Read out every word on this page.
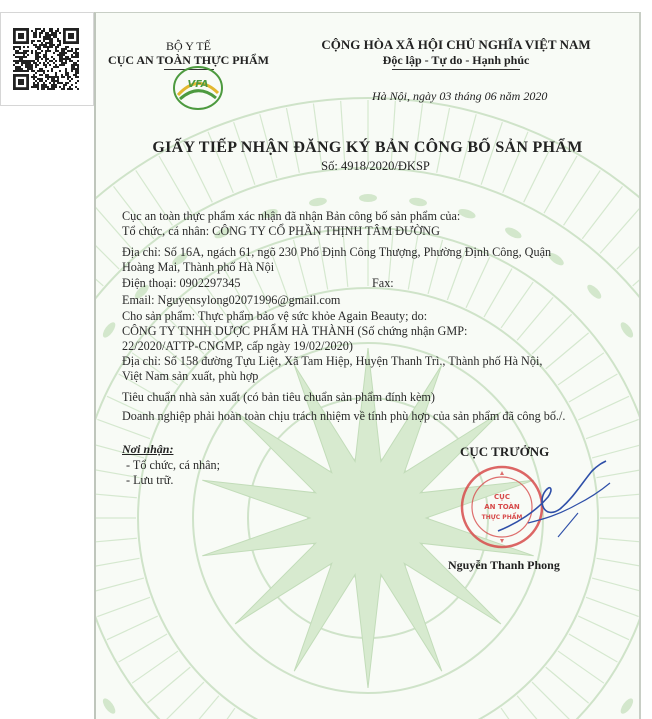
BỘ Y TẾ
CỤC AN TOÀN THỰC PHẨM
VFA
CỘNG HÒA XÃ HỘI CHỦ NGHĨA VIỆT NAM
Độc lập - Tự do - Hạnh phúc
Hà Nội, ngày 03 tháng 06 năm 2020
GIẤY TIẾP NHẬN ĐĂNG KÝ BẢN CÔNG BỐ SẢN PHẨM
Số: 4918/2020/ĐKSP
Cục an toàn thực phẩm xác nhận đã nhận Bản công bố sản phẩm của:
Tổ chức, cá nhân: CÔNG TY CỔ PHẦN THỊNH TÂM ĐƯỜNG
Địa chỉ: Số 16A, ngách 61, ngõ 230 Phố Định Công Thượng, Phường Định Công, Quận
Hoàng Mai, Thành phố Hà Nội
Điện thoại: 0902297345	Fax:
Email: Nguyensylong02071996@gmail.com
Cho sản phẩm: Thực phẩm bảo vệ sức khỏe Again Beauty; do:
CÔNG TY TNHH DƯỢC PHẨM HÀ THÀNH (Số chứng nhận GMP:
22/2020/ATTP-CNGMP, cấp ngày 19/02/2020)
Địa chỉ: Số 158 đường Tựu Liệt, Xã Tam Hiệp, Huyện Thanh Trì., Thành phố Hà Nội,
Việt Nam sản xuất, phù hợp
Tiêu chuẩn nhà sản xuất (có bản tiêu chuẩn sản phẩm đính kèm)
Doanh nghiệp phải hoàn toàn chịu trách nhiệm về tính phù hợp của sản phẩm đã công bố./.
Nơi nhận:
- Tổ chức, cá nhân;
- Lưu trữ.
CỤC TRƯỞNG
CỤC
AN TOÀN
THỰC PHẨM
Nguyễn Thanh Phong
